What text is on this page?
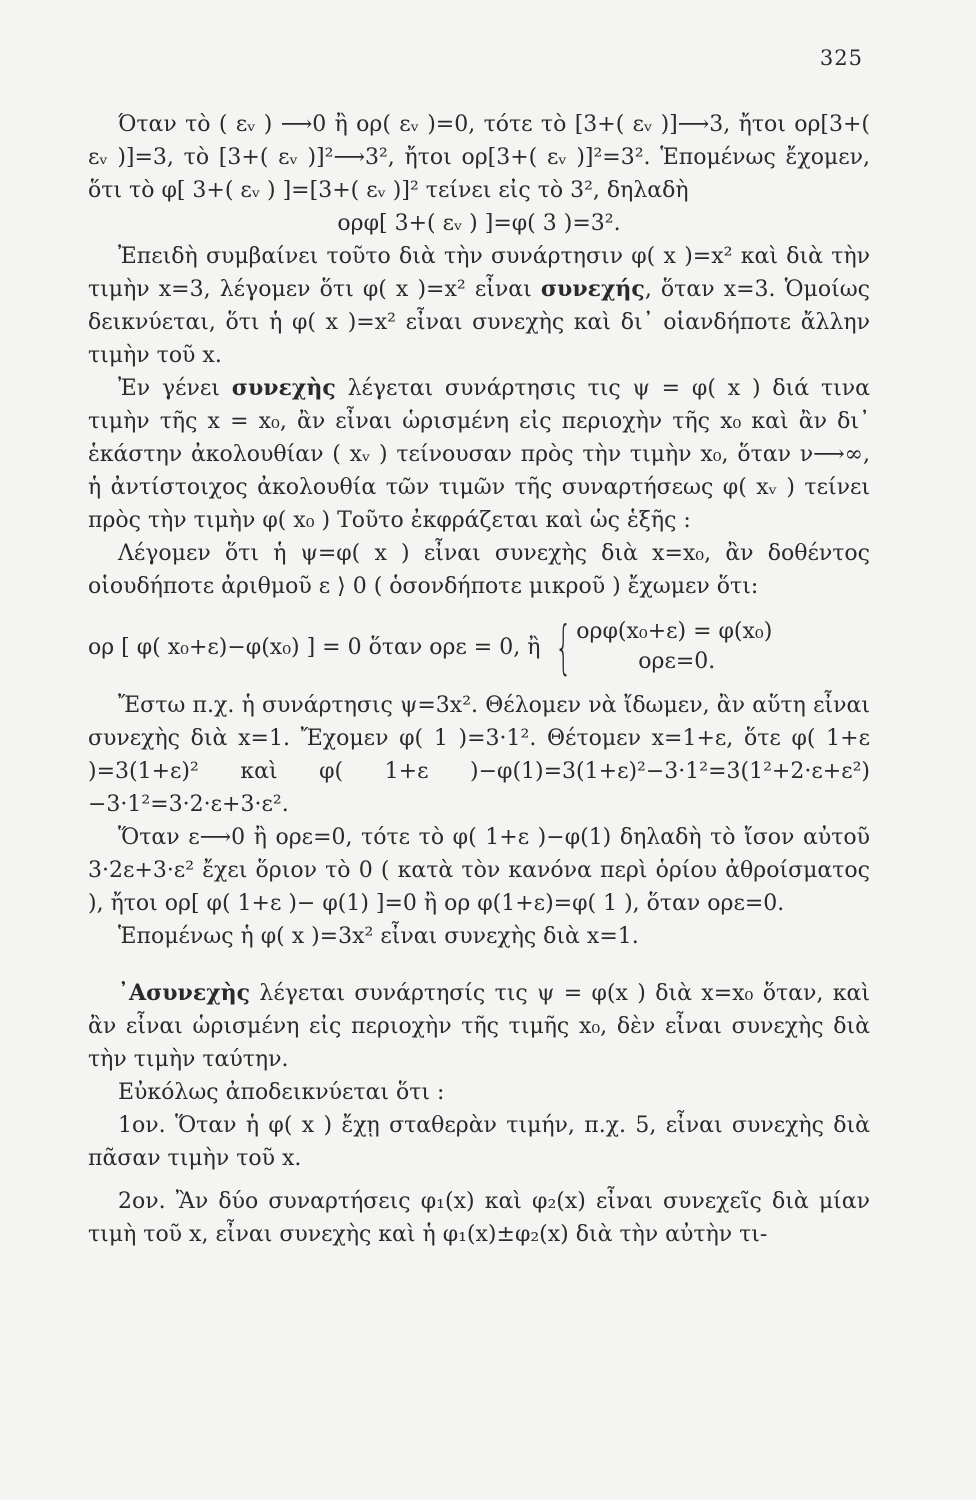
325

Όταν τὸ ( εᵥ ) ⟶0 ἢ ορ( εᵥ )=0, τότε τὸ [3+( εᵥ )]⟶3, ἤτοι ορ[3+( εᵥ )]=3, τὸ [3+( εᵥ )]²⟶3², ἤτοι ορ[3+( εᵥ )]²=3². Ἑπομένως ἔχομεν, ὅτι τὸ φ[ 3+( εᵥ ) ]=[3+( εᵥ )]² τείνει εἰς τὸ 3², δηλαδὴ

ορφ[ 3+( εᵥ ) ]=φ( 3 )=3².

Ἐπειδὴ συμβαίνει τοῦτο διὰ τὴν συνάρτησιν φ( x )=x² καὶ διὰ τὴν τιμὴν x=3, λέγομεν ὅτι φ( x )=x² εἶναι συνεχής, ὅταν x=3. Ὁμοίως δεικνύεται, ὅτι ἡ φ( x )=x² εἶναι συνεχὴς καὶ δι᾿ οἱανδήποτε ἄλλην τιμὴν τοῦ x.

Ἐν γένει συνεχὴς λέγεται συνάρτησις τις ψ = φ( x ) διά τινα τιμὴν τῆς x = x₀, ἂν εἶναι ὡρισμένη εἰς περιοχὴν τῆς x₀ καὶ ἂν δι᾿ ἑκάστην ἀκολουθίαν ( xᵥ ) τείνουσαν πρὸς τὴν τιμὴν x₀, ὅταν ν⟶∞, ἡ ἀντίστοιχος ἀκολουθία τῶν τιμῶν τῆς συναρτήσεως φ( xᵥ ) τείνει πρὸς τὴν τιμὴν φ( x₀ ) Τοῦτο ἐκφράζεται καὶ ὡς ἑξῆς :

Λέγομεν ὅτι ἡ ψ=φ( x ) εἶναι συνεχὴς διὰ x=x₀, ἂν δοθέντος οἱουδήποτε ἀριθμοῦ ε ⟩ 0 ( ὁσονδήποτε μικροῦ ) ἔχωμεν ὅτι:

ορ [ φ( x₀+ε)−φ(x₀) ] = 0 ὅταν ορε = 0, ἢ { ορφ(x₀+ε) = φ(x₀)
ορε=0.

Ἔστω π.χ. ἡ συνάρτησις ψ=3x². Θέλομεν νὰ ἴδωμεν, ἂν αὕτη εἶναι συνεχὴς διὰ x=1. Ἔχομεν φ( 1 )=3·1². Θέτομεν x=1+ε, ὅτε φ( 1+ε )=3(1+ε)² καὶ φ( 1+ε )−φ(1)=3(1+ε)²−3·1²=3(1²+2·ε+ε²) −3·1²=3·2·ε+3·ε².

Ὅταν ε⟶0 ἢ ορε=0, τότε τὸ φ( 1+ε )−φ(1) δηλαδὴ τὸ ἴσον αὐτοῦ 3·2ε+3·ε² ἔχει ὅριον τὸ 0 ( κατὰ τὸν κανόνα περὶ ὁρίου ἀθροίσματος ), ἤτοι ορ[ φ( 1+ε )− φ(1) ]=0 ἢ ορ φ(1+ε)=φ( 1 ), ὅταν ορε=0.

Ἑπομένως ἡ φ( x )=3x² εἶναι συνεχὴς διὰ x=1.

᾿Ασυνεχὴς λέγεται συνάρτησίς τις ψ = φ(x ) διὰ x=x₀ ὅταν, καὶ ἂν εἶναι ὡρισμένη εἰς περιοχὴν τῆς τιμῆς x₀, δὲν εἶναι συνεχὴς διὰ τὴν τιμὴν ταύτην.

Εὐκόλως ἀποδεικνύεται ὅτι :

1ον. Ὅταν ἡ φ( x ) ἔχῃ σταθερὰν τιμήν, π.χ. 5, εἶναι συνεχὴς διὰ πᾶσαν τιμὴν τοῦ x.

2ον. Ἂν δύο συναρτήσεις φ₁(x) καὶ φ₂(x) εἶναι συνεχεῖς διὰ μίαν τιμὴ τοῦ x, εἶναι συνεχὴς καὶ ἡ φ₁(x)±φ₂(x) διὰ τὴν αὐτὴν τι-
